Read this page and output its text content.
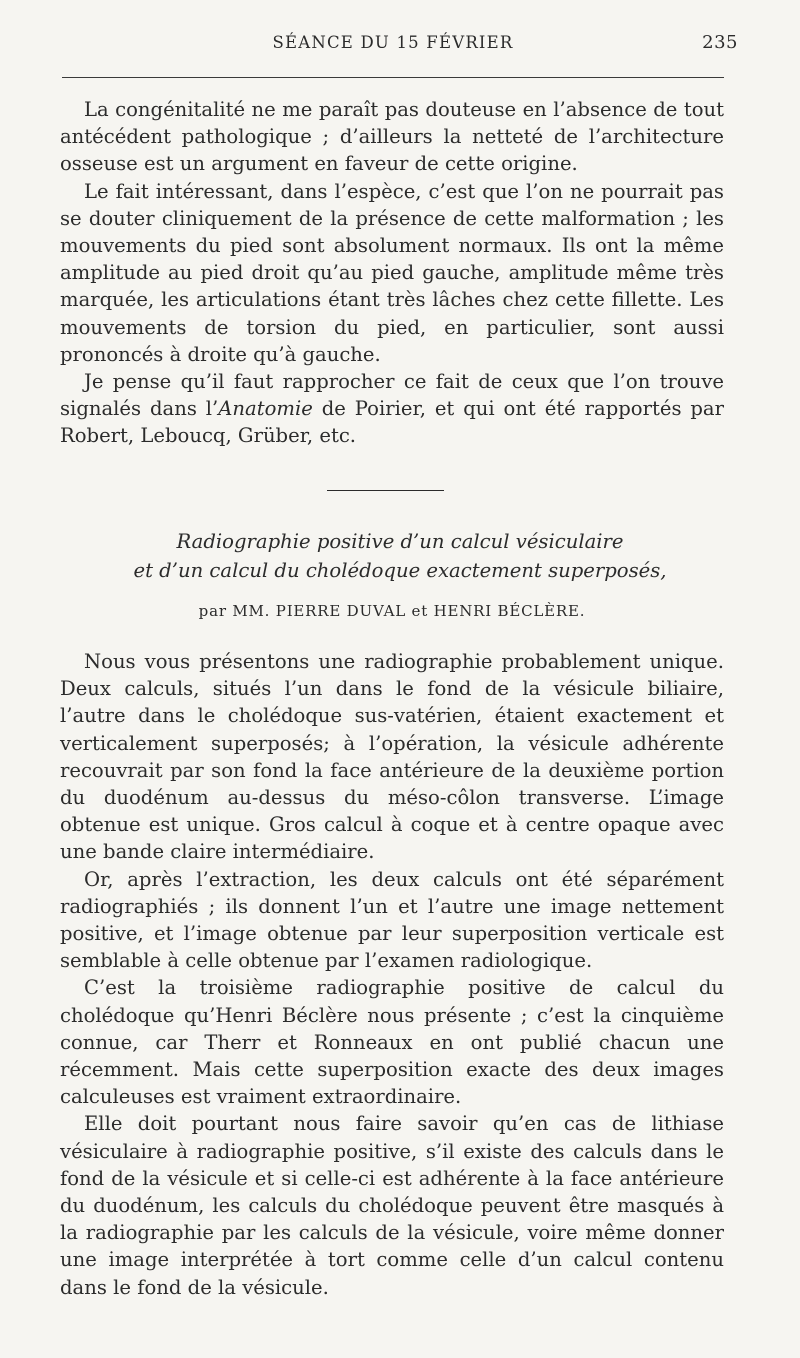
SÉANCE DU 15 FÉVRIER	235

La congénitalité ne me paraît pas douteuse en l’absence de tout antécédent pathologique ; d’ailleurs la netteté de l’architecture osseuse est un argument en faveur de cette origine.

Le fait intéressant, dans l’espèce, c’est que l’on ne pourrait pas se douter cliniquement de la présence de cette malformation ; les mouvements du pied sont absolument normaux. Ils ont la même amplitude au pied droit qu’au pied gauche, amplitude même très marquée, les articulations étant très lâches chez cette fillette. Les mouvements de torsion du pied, en particulier, sont aussi prononcés à droite qu’à gauche.

Je pense qu’il faut rapprocher ce fait de ceux que l’on trouve signalés dans l’Anatomie de Poirier, et qui ont été rapportés par Robert, Leboucq, Grüber, etc.

Radiographie positive d’un calcul vésiculaire
et d’un calcul du cholédoque exactement superposés,
par MM. PIERRE DUVAL et HENRI BÉCLÈRE.

Nous vous présentons une radiographie probablement unique. Deux calculs, situés l’un dans le fond de la vésicule biliaire, l’autre dans le cholédoque sus-vatérien, étaient exactement et verticalement superposés; à l’opération, la vésicule adhérente recouvrait par son fond la face antérieure de la deuxième portion du duodénum au-dessus du méso-côlon transverse. L’image obtenue est unique. Gros calcul à coque et à centre opaque avec une bande claire intermédiaire.

Or, après l’extraction, les deux calculs ont été séparément radiographiés ; ils donnent l’un et l’autre une image nettement positive, et l’image obtenue par leur superposition verticale est semblable à celle obtenue par l’examen radiologique.

C’est la troisième radiographie positive de calcul du cholédoque qu’Henri Béclère nous présente ; c’est la cinquième connue, car Therr et Ronneaux en ont publié chacun une récemment. Mais cette superposition exacte des deux images calculeuses est vraiment extraordinaire.

Elle doit pourtant nous faire savoir qu’en cas de lithiase vésiculaire à radiographie positive, s’il existe des calculs dans le fond de la vésicule et si celle-ci est adhérente à la face antérieure du duodénum, les calculs du cholédoque peuvent être masqués à la radiographie par les calculs de la vésicule, voire même donner une image interprétée à tort comme celle d’un calcul contenu dans le fond de la vésicule.
